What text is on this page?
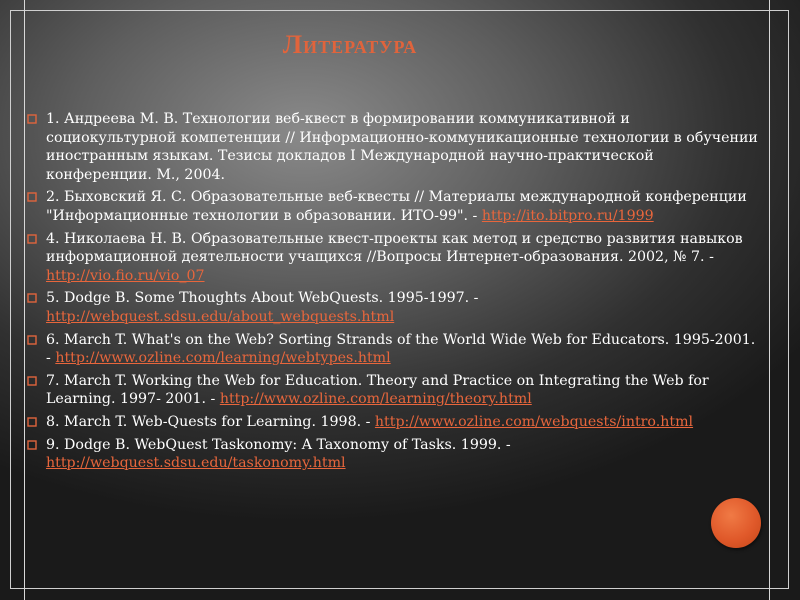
Литература
1. Андреева М. В. Технологии веб-квест в формировании коммуникативной и социокультурной компетенции // Информационно-коммуникационные технологии в обучении иностранным языкам. Тезисы докладов I Международной научно-практической конференции. М., 2004.
2. Быховский Я. С. Образовательные веб-квесты // Материалы международной конференции "Информационные технологии в образовании. ИТО-99". - http://ito.bitpro.ru/1999
4. Николаева Н. В. Образовательные квест-проекты как метод и средство развития навыков информационной деятельности учащихся //Вопросы Интернет-образования. 2002, № 7. - http://vio.fio.ru/vio_07
5. Dodge B. Some Thoughts About WebQuests. 1995-1997. - http://webquest.sdsu.edu/about_webquests.html
6. March T. What's on the Web? Sorting Strands of the World Wide Web for Educators. 1995-2001. - http://www.ozline.com/learning/webtypes.html
7. March T. Working the Web for Education. Theory and Practice on Integrating the Web for Learning. 1997- 2001. - http://www.ozline.com/learning/theory.html
8. March T. Web-Quests for Learning. 1998. - http://www.ozline.com/webquests/intro.html
9. Dodge B. WebQuest Taskonomy: A Taxonomy of Tasks. 1999. - http://webquest.sdsu.edu/taskonomy.html
